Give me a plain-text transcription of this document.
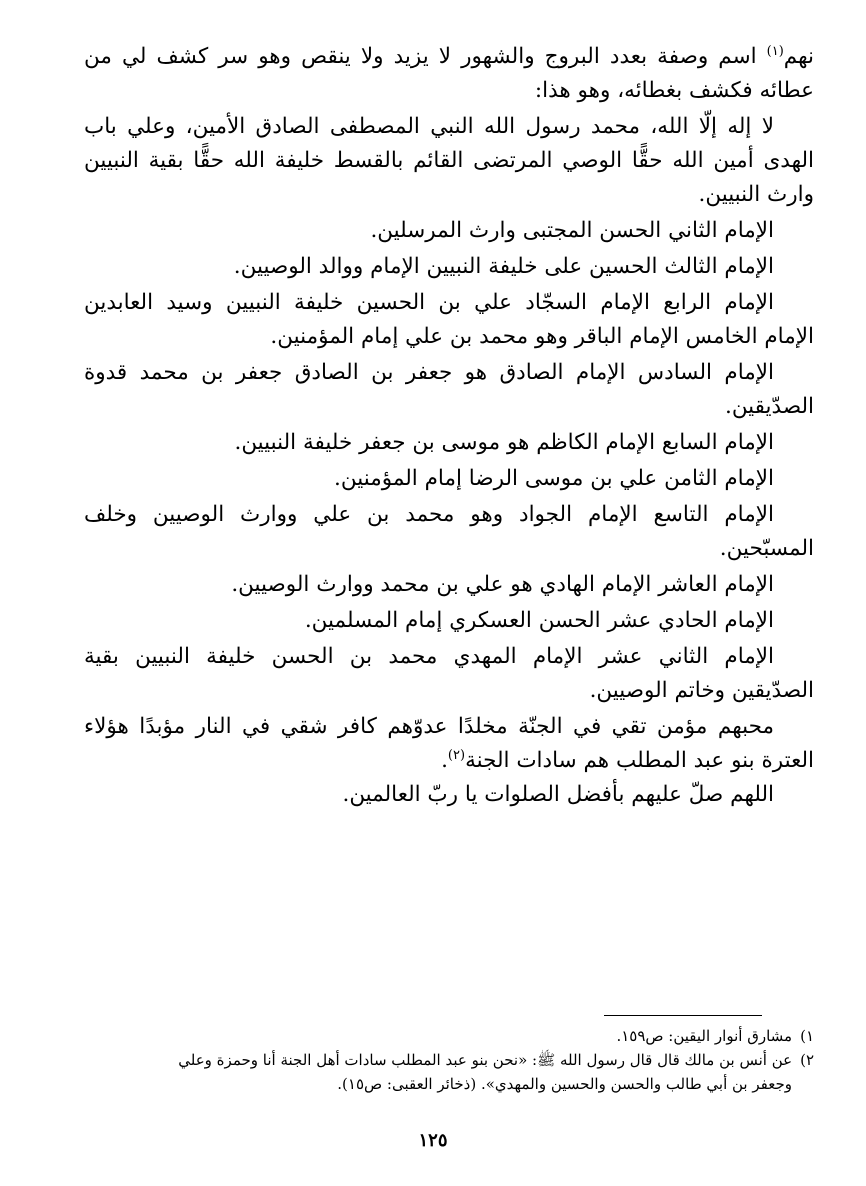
نهم$^{(١)}$ اسم وصفة بعدد البروج والشهور لا يزيد ولا ينقص وهو سر كشف لي من
عطائه فكشف بغطائه، وهو هذا:
لا إله إلّا الله، محمد رسول الله النبي المصطفى الصادق الأمين، وعلي باب
الهدى أمين الله حقًّا الوصي المرتضى القائم بالقسط خليفة الله حقًّا بقية النبيين
وارث النبيين.
الإمام الثاني الحسن المجتبى وارث المرسلين.
الإمام الثالث الحسين على خليفة النبيين الإمام ووالد الوصيين.
الإمام الرابع الإمام السجّاد علي بن الحسين خليفة النبيين وسيد العابدين
الإمام الخامس الإمام الباقر وهو محمد بن علي إمام المؤمنين.
الإمام السادس الإمام الصادق هو جعفر بن الصادق جعفر بن محمد قدوة
الصدّيقين.
الإمام السابع الإمام الكاظم هو موسى بن جعفر خليفة النبيين.
الإمام الثامن علي بن موسى الرضا إمام المؤمنين.
الإمام التاسع الإمام الجواد وهو محمد بن علي ووارث الوصيين وخلف
المسبّحين.
الإمام العاشر الإمام الهادي هو علي بن محمد ووارث الوصيين.
الإمام الحادي عشر الحسن العسكري إمام المسلمين.
الإمام الثاني عشر الإمام المهدي محمد بن الحسن خليفة النبيين بقية
الصدّيقين وخاتم الوصيين.
محبهم مؤمن تقي في الجنّة مخلدًا عدوّهم كافر شقي في النار مؤبدًا هؤلاء
العترة بنو عبد المطلب هم سادات الجنة$^{(٢)}$.
اللهم صلّ عليهم بأفضل الصلوات يا ربّ العالمين.
١)مشارق أنوار اليقين: ص١٥٩.
٢)عن أنس بن مالك قال قال رسول الله ﷺ: «نحن بنو عبد المطلب سادات أهل الجنة أنا وحمزة وعلي
وجعفر بن أبي طالب والحسن والحسين والمهدي». (ذخائر العقبى: ص١٥).
١٢٥
